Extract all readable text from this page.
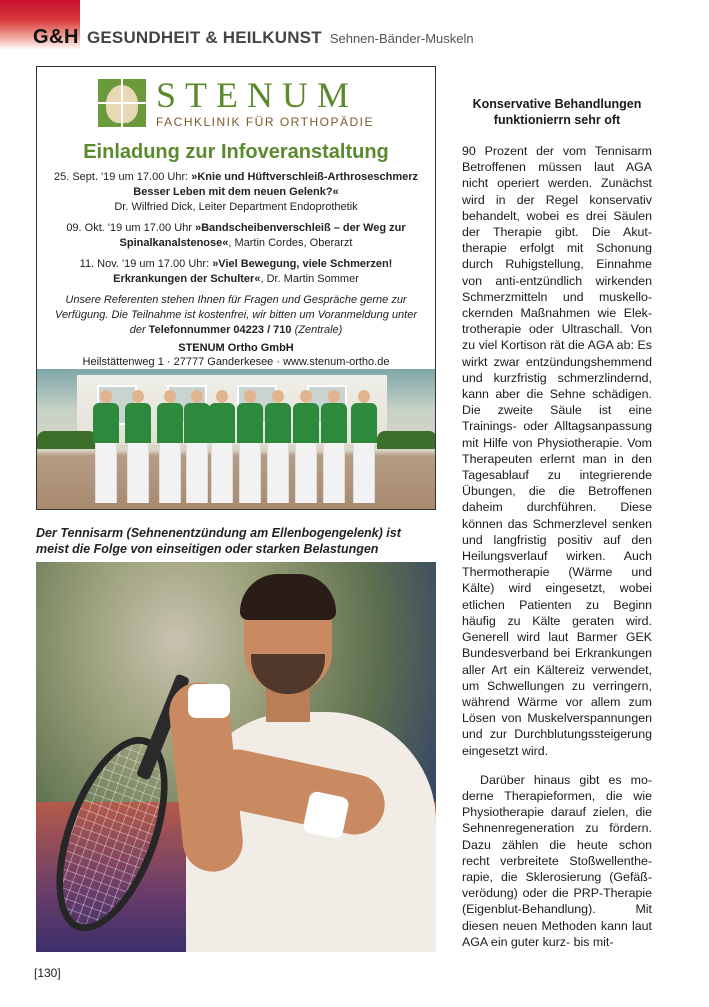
G&H GESUNDHEIT & HEILKUNST Sehnen-Bänder-Muskeln
STENUM
FACHKLINIK FÜR ORTHOPÄDIE
Einladung zur Infoveranstaltung
25. Sept. '19 um 17.00 Uhr: »Knie und Hüftverschleiß-Arthroseschmerz Besser Leben mit dem neuen Gelenk?«
Dr. Wilfried Dick, Leiter Department Endoprothetik
09. Okt. '19 um 17.00 Uhr »Bandscheibenverschleiß – der Weg zur Spinalkanalstenose«, Martin Cordes, Oberarzt
11. Nov. '19 um 17.00 Uhr: »Viel Bewegung, viele Schmerzen! Erkrankungen der Schulter«, Dr. Martin Sommer
Unsere Referenten stehen Ihnen für Fragen und Gespräche gerne zur Verfügung. Die Teilnahme ist kostenfrei, wir bitten um Voranmeldung unter der Telefonnummer 04223 / 710 (Zentrale)
STENUM Ortho GmbH
Heilstättenweg 1 · 27777 Ganderkesee · www.stenum-ortho.de
Der Tennisarm (Sehnenentzündung am Ellenbogengelenk) ist meist die Folge von einseitigen oder starken Belastungen
Konservative Behandlungen funktionierrn sehr oft

90 Prozent der vom Tennisarm Betroffenen müssen laut AGA nicht operiert werden. Zunächst wird in der Regel konservativ behandelt, wobei es drei Säulen der Therapie gibt. Die Akuttherapie erfolgt mit Schonung durch Ruhigstellung, Einnahme von anti-entzündlich wirkenden Schmerzmitteln und muskellockernden Maßnahmen wie Elektrotherapie oder Ultraschall. Von zu viel Kortison rät die AGA ab: Es wirkt zwar entzündungshemmend und kurzfristig schmerzlindernd, kann aber die Sehne schädigen. Die zweite Säule ist eine Trainings- oder Alltagsanpassung mit Hilfe von Physiotherapie. Vom Therapeuten erlernt man in den Tagesablauf zu integrierende Übungen, die die Betroffenen daheim durchführen. Diese können das Schmerzlevel senken und langfristig positiv auf den Heilungsverlauf wirken. Auch Thermotherapie (Wärme und Kälte) wird eingesetzt, wobei etlichen Patienten zu Beginn häufig zu Kälte geraten wird. Generell wird laut Barmer GEK Bundesverband bei Erkrankungen aller Art ein Kältereiz verwendet, um Schwellungen zu verringern, während Wärme vor allem zum Lösen von Muskelverspannungen und zur Durchblutungssteigerung eingesetzt wird.

Darüber hinaus gibt es moderne Therapieformen, die wie Physiotherapie darauf zielen, die Sehnenregeneration zu fördern. Dazu zählen die heute schon recht verbreitete Stoßwellentherapie, die Sklerosierung (Gefäßverödung) oder die PRP-Therapie (Eigenblut-Behandlung). Mit diesen neuen Methoden kann laut AGA ein guter kurz- bis mit-

[130]
